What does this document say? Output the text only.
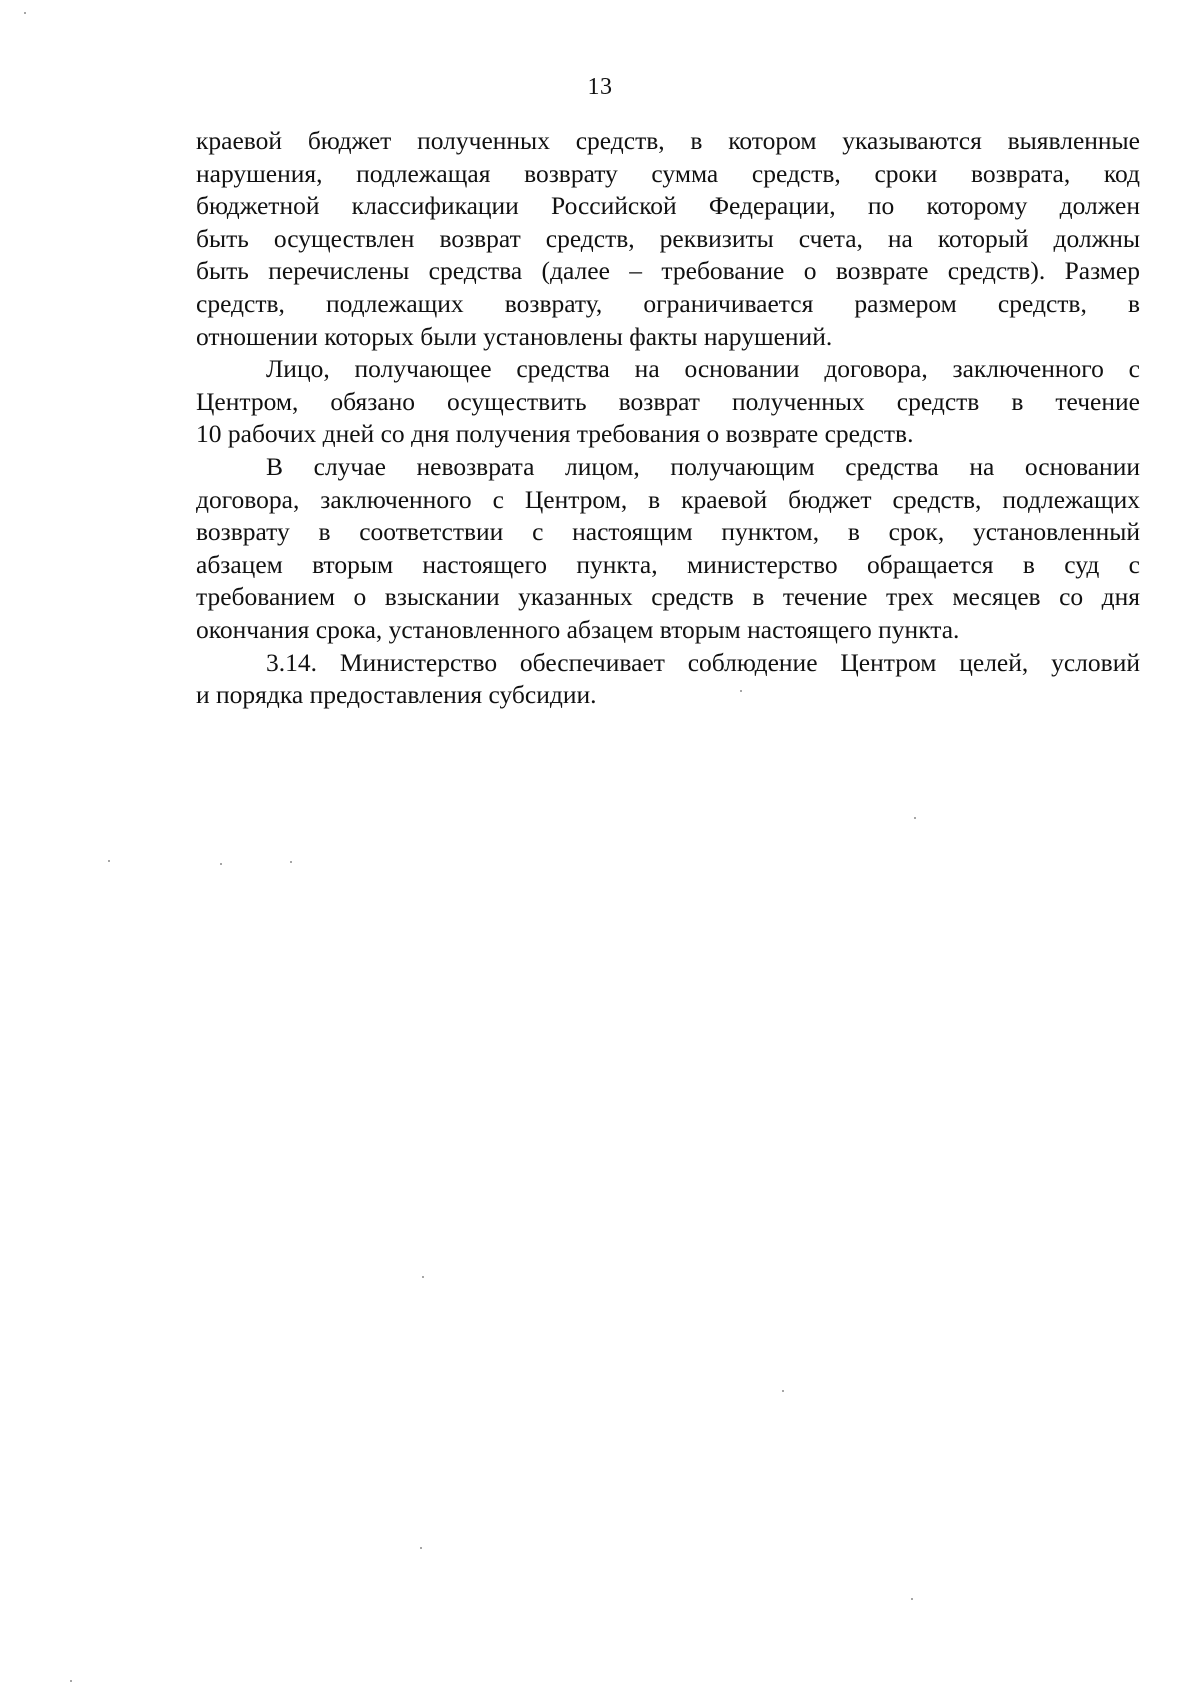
13
краевой бюджет полученных средств, в котором указываются выявленные
нарушения, подлежащая возврату сумма средств, сроки возврата, код
бюджетной классификации Российской Федерации, по которому должен
быть осуществлен возврат средств, реквизиты счета, на который должны
быть перечислены средства (далее – требование о возврате средств). Размер
средств, подлежащих возврату, ограничивается размером средств, в
отношении которых были установлены факты нарушений.
Лицо, получающее средства на основании договора, заключенного с
Центром, обязано осуществить возврат полученных средств в течение
10 рабочих дней со дня получения требования о возврате средств.
В случае невозврата лицом, получающим средства на основании
договора, заключенного с Центром, в краевой бюджет средств, подлежащих
возврату в соответствии с настоящим пунктом, в срок, установленный
абзацем вторым настоящего пункта, министерство обращается в суд с
требованием о взыскании указанных средств в течение трех месяцев со дня
окончания срока, установленного абзацем вторым настоящего пункта.
3.14. Министерство обеспечивает соблюдение Центром целей, условий
и порядка предоставления субсидии.
